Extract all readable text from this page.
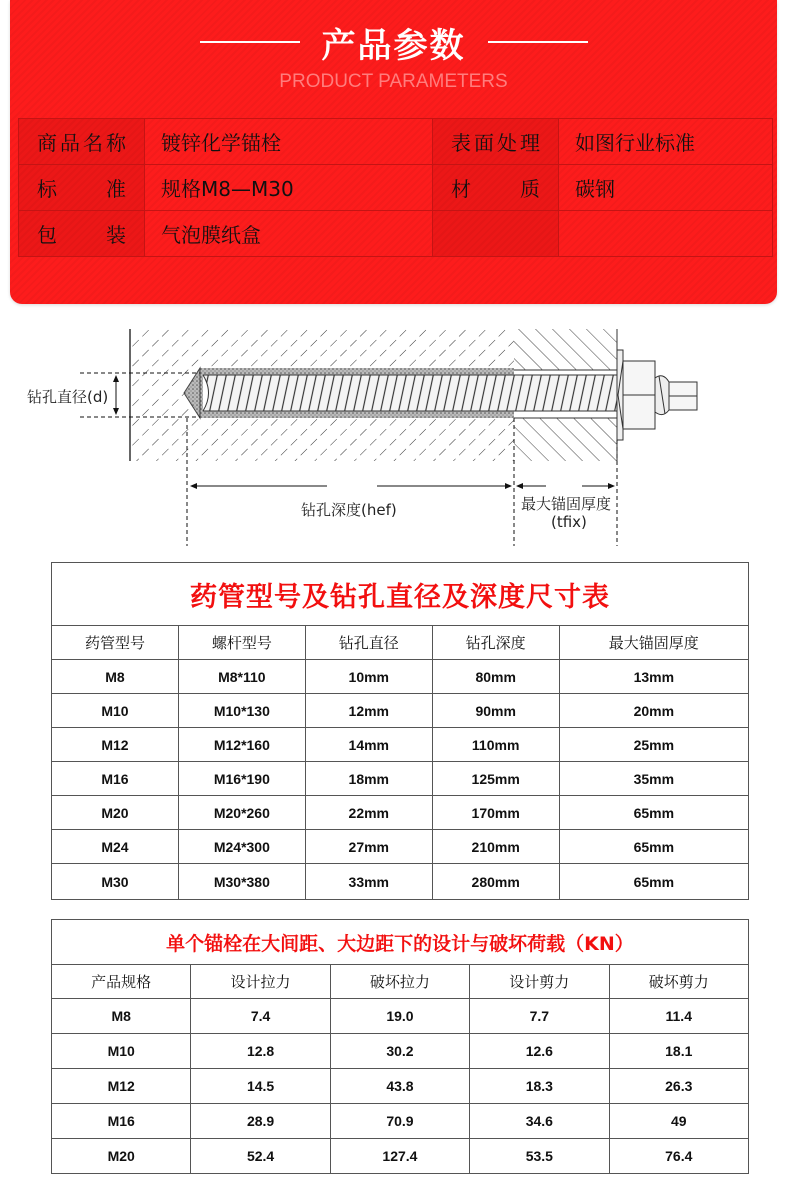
产品参数
PRODUCT PARAMETERS
商品名称	镀锌化学锚栓	表面处理	如图行业标准
标　　准	规格M8—M30	材　　质	碳钢
包　　装	气泡膜纸盒		
钻孔直径(d)
钻孔深度(hef)	最大锚固厚度
(tfix)
药管型号及钻孔直径及深度尺寸表				
药管型号	螺杆型号	钻孔直径	钻孔深度	最大锚固厚度
M8	M8*110	10mm	80mm	13mm
M10	M10*130	12mm	90mm	20mm
M12	M12*160	14mm	110mm	25mm
M16	M16*190	18mm	125mm	35mm
M20	M20*260	22mm	170mm	65mm
M24	M24*300	27mm	210mm	65mm
M30	M30*380	33mm	280mm	65mm
单个锚栓在大间距、大边距下的设计与破坏荷载（KN）				
产品规格	设计拉力	破坏拉力	设计剪力	破坏剪力
M8	7.4	19.0	7.7	11.4
M10	12.8	30.2	12.6	18.1
M12	14.5	43.8	18.3	26.3
M16	28.9	70.9	34.6	49
M20	52.4	127.4	53.5	76.4
